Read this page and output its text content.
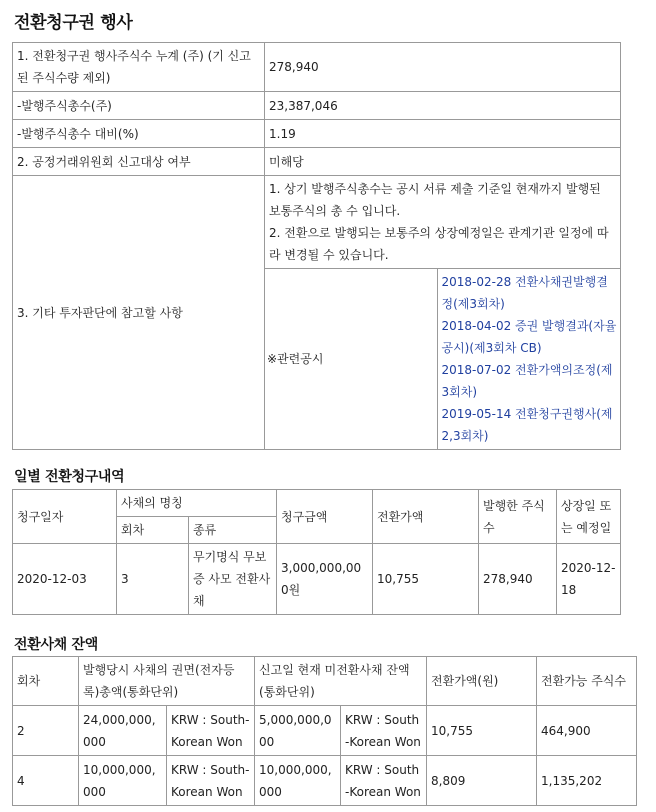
전환청구권 행사
1. 전환청구권 행사주식수 누계 (주) (기 신고된 주식수량 제외)	278,940
-발행주식총수(주)	23,387,046
-발행주식총수 대비(%)	1.19
2. 공정거래위원회 신고대상 여부	미해당
3. 기타 투자판단에 참고할 사항	
1. 상기 발행주식총수는 공시 서류 제출 기준일 현재까지 발행된 보통주식의 총 수 입니다.
2. 전환으로 발행되는 보통주의 상장예정일은 관계기관 일정에 따라 변경될 수 있습니다.
※관련공시	
2018-02-28 전환사채권발행결정(제3회차)
2018-04-02 증권 발행결과(자율공시)(제3회차 CB)
2018-07-02 전환가액의조정(제3회차)
2019-05-14 전환청구권행사(제2,3회차)
일별 전환청구내역
청구일자	사채의 명칭		청구금액	전환가액	발행한 주식수	상장일 또는 예정일
	회차	종류				
2020-12-03	3	무기명식 무보증 사모 전환사채	3,000,000,000원	10,755	278,940	2020-12-18
전환사채 잔액
회차	발행당시 사채의 권면(전자등록)총액(통화단위)		신고일 현재 미전환사채 잔액(통화단위)		전환가액(원)	전환가능 주식수
2	24,000,000,000	KRW : South-Korean Won	5,000,000,000	KRW : South-Korean Won	10,755	464,900
4	10,000,000,000	KRW : South-Korean Won	10,000,000,000	KRW : South-Korean Won	8,809	1,135,202
